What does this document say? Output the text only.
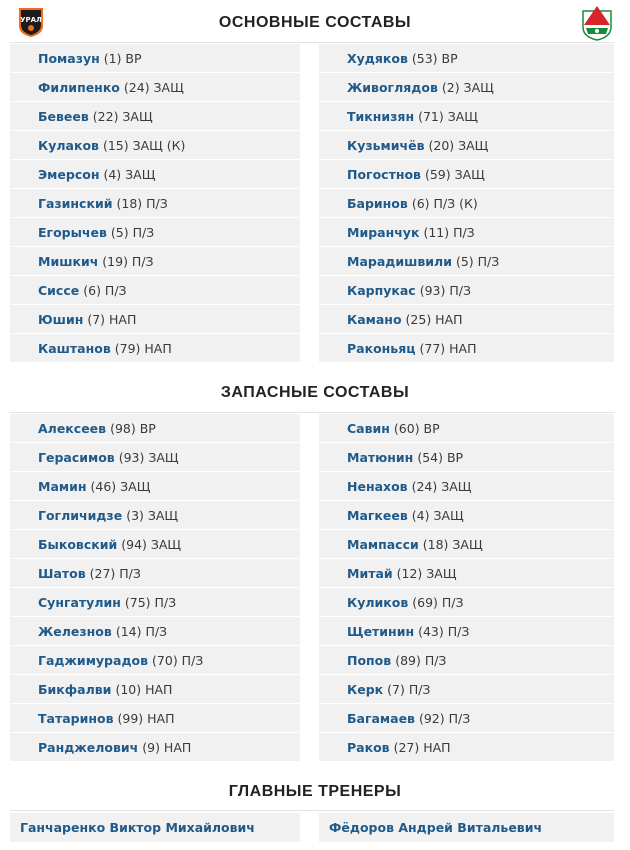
УРАЛ	ОСНОВНЫЕ СОСТАВЫ
Помазун (1) ВР
Филипенко (24) ЗАЩ
Бевеев (22) ЗАЩ
Кулаков (15) ЗАЩ (К)
Эмерсон (4) ЗАЩ
Газинский (18) П/З
Егорычев (5) П/З
Мишкич (19) П/З
Сиссе (6) П/З
Юшин (7) НАП
Каштанов (79) НАП
Худяков (53) ВР
Живоглядов (2) ЗАЩ
Тикнизян (71) ЗАЩ
Кузьмичёв (20) ЗАЩ
Погостнов (59) ЗАЩ
Баринов (6) П/З (К)
Миранчук (11) П/З
Марадишвили (5) П/З
Карпукас (93) П/З
Камано (25) НАП
Раконьяц (77) НАП
ЗАПАСНЫЕ СОСТАВЫ
Алексеев (98) ВР
Герасимов (93) ЗАЩ
Мамин (46) ЗАЩ
Гогличидзе (3) ЗАЩ
Быковский (94) ЗАЩ
Шатов (27) П/З
Сунгатулин (75) П/З
Железнов (14) П/З
Гаджимурадов (70) П/З
Бикфалви (10) НАП
Татаринов (99) НАП
Ранджелович (9) НАП
Савин (60) ВР
Матюнин (54) ВР
Ненахов (24) ЗАЩ
Магкеев (4) ЗАЩ
Мампасси (18) ЗАЩ
Митай (12) ЗАЩ
Куликов (69) П/З
Щетинин (43) П/З
Попов (89) П/З
Керк (7) П/З
Багамаев (92) П/З
Раков (27) НАП
ГЛАВНЫЕ ТРЕНЕРЫ
Ганчаренко Виктор Михайлович	Фёдоров Андрей Витальевич
